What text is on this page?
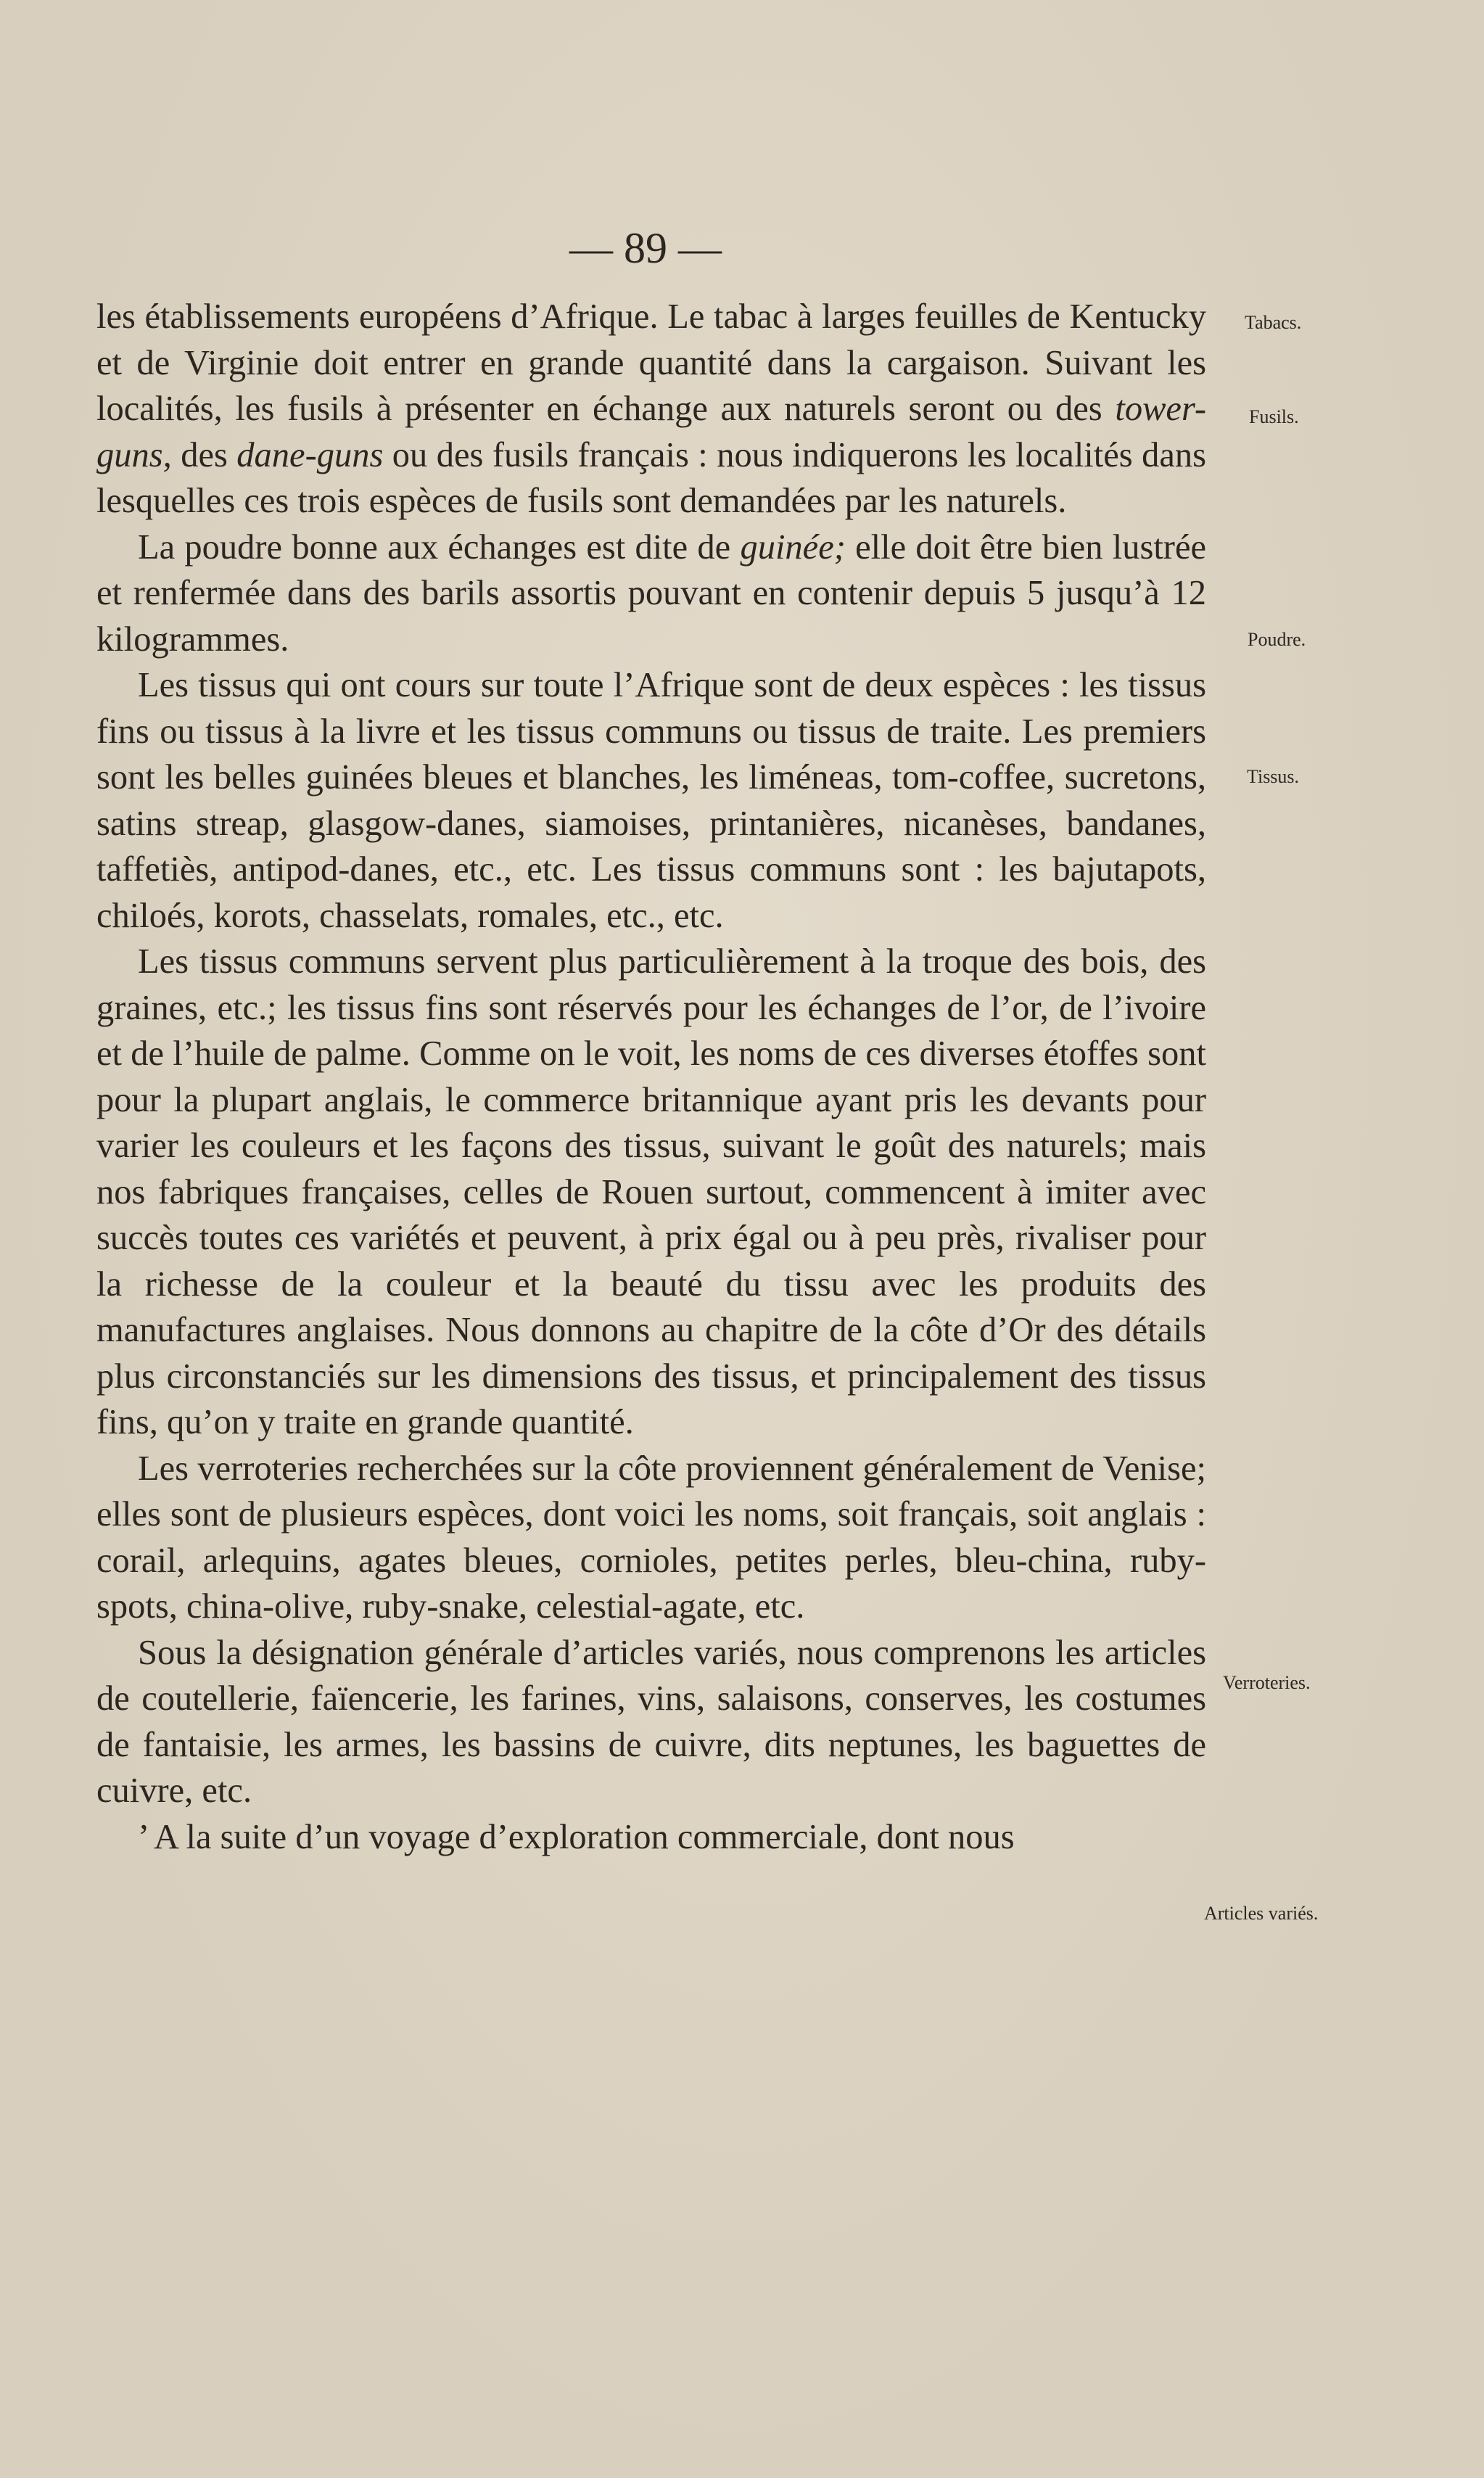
— 89 —

les établissements européens d’Afrique. Le tabac à larges feuilles de Kentucky et de Virginie doit entrer en grande quantité dans la cargaison. Suivant les localités, les fusils à présenter en échange aux naturels seront ou des tower-guns, des dane-guns ou des fusils français : nous indiquerons les localités dans lesquelles ces trois espèces de fusils sont demandées par les naturels.

La poudre bonne aux échanges est dite de guinée; elle doit être bien lustrée et renfermée dans des barils assortis pouvant en contenir depuis 5 jusqu’à 12 kilogrammes.

Les tissus qui ont cours sur toute l’Afrique sont de deux espèces : les tissus fins ou tissus à la livre et les tissus communs ou tissus de traite. Les premiers sont les belles guinées bleues et blanches, les liméneas, tom-coffee, sucretons, satins streap, glasgow-danes, siamoises, printanières, nicanèses, bandanes, taffetiès, antipod-danes, etc., etc. Les tissus communs sont : les bajutapots, chiloés, korots, chasselats, romales, etc., etc.

Les tissus communs servent plus particulièrement à la troque des bois, des graines, etc.; les tissus fins sont réservés pour les échanges de l’or, de l’ivoire et de l’huile de palme. Comme on le voit, les noms de ces diverses étoffes sont pour la plupart anglais, le commerce britannique ayant pris les devants pour varier les couleurs et les façons des tissus, suivant le goût des naturels; mais nos fabriques françaises, celles de Rouen surtout, commencent à imiter avec succès toutes ces variétés et peuvent, à prix égal ou à peu près, rivaliser pour la richesse de la couleur et la beauté du tissu avec les produits des manufactures anglaises. Nous donnons au chapitre de la côte d’Or des détails plus circonstanciés sur les dimensions des tissus, et principalement des tissus fins, qu’on y traite en grande quantité.

Les verroteries recherchées sur la côte proviennent généralement de Venise; elles sont de plusieurs espèces, dont voici les noms, soit français, soit anglais : corail, arlequins, agates bleues, cornioles, petites perles, bleu-china, ruby-spots, china-olive, ruby-snake, celestial-agate, etc.

Sous la désignation générale d’articles variés, nous comprenons les articles de coutellerie, faïencerie, les farines, vins, salaisons, conserves, les costumes de fantaisie, les armes, les bassins de cuivre, dits neptunes, les baguettes de cuivre, etc.

’ A la suite d’un voyage d’exploration commerciale, dont nous

Tabacs.
Fusils.
Poudre.
Tissus.
Verroteries.
Articles variés.
